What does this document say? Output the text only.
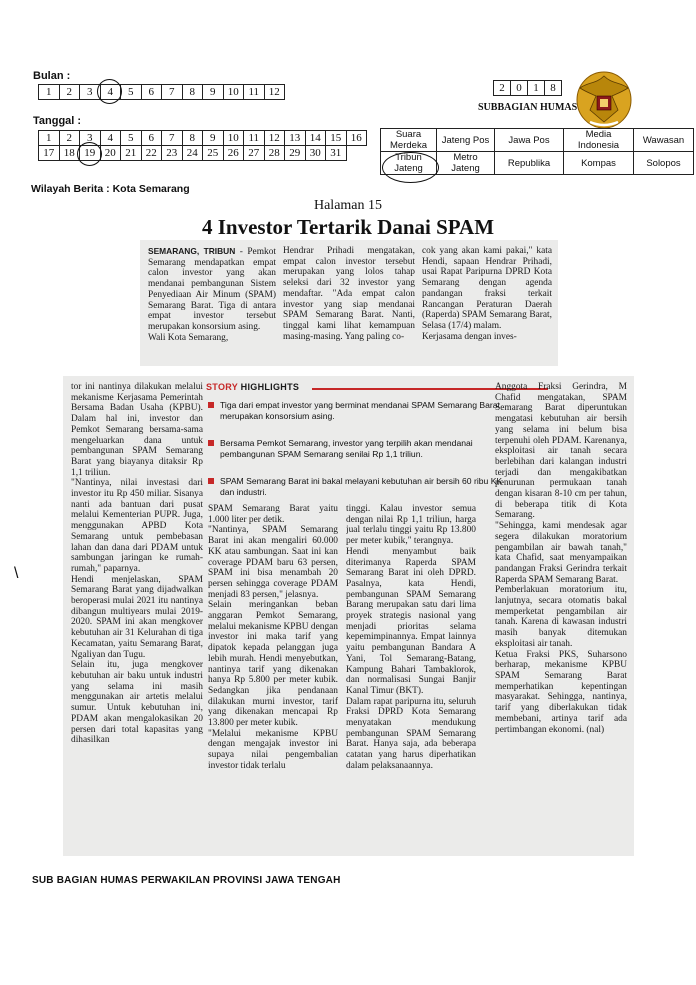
Bulan :
1	2	3	4	5	6	7	8	9	10	11	12
Tanggal :
1	2	3	4	5	6	7	8	9	10	11	12	13	14	15	16
17	18	19	20	21	22	23	24	25	26	27	28	29	30	31	
2	0	1	8
SUBBAGIAN HUMAS
Suara Merdeka	Jateng Pos	Jawa Pos	Media Indonesia	Wawasan
Tribun Jateng	Metro Jateng	Republika	Kompas	Solopos
Wilayah Berita : Kota Semarang
Halaman 15
4 Investor Tertarik Danai SPAM
SEMARANG, TRIBUN - Pemkot Semarang mendapatkan empat calon investor yang akan mendanai pembangunan Sistem Penyediaan Air Minum (SPAM) Semarang Barat. Tiga di antara empat investor tersebut merupakan konsorsium asing.
Wali Kota Semarang,
Hendrar Prihadi mengatakan, empat calon investor tersebut merupakan yang lolos tahap seleksi dari 32 investor yang mendaftar. "Ada empat calon investor yang siap mendanai SPAM Semarang Barat. Nanti, tinggal kami lihat kemampuan masing-masing. Yang paling co-
cok yang akan kami pakai," kata Hendi, sapaan Hendrar Prihadi, usai Rapat Paripurna DPRD Kota Semarang dengan agenda pandangan fraksi terkait Rancangan Peraturan Daerah (Raperda) SPAM Semarang Barat, Selasa (17/4) malam.
Kerjasama dengan inves-
tor ini nantinya dilakukan melalui mekanisme Kerjasama Pemerintah Bersama Badan Usaha (KPBU). Dalam hal ini, investor dan Pemkot Semarang bersama-sama mengeluarkan dana untuk pembangunan SPAM Semarang Barat yang biayanya ditaksir Rp 1,1 triliun.
"Nantinya, nilai investasi dari investor itu Rp 450 miliar. Sisanya nanti ada bantuan dari pusat melalui Kementerian PUPR. Juga, menggunakan APBD Kota Semarang untuk pembebasan lahan dan dana dari PDAM untuk sambungan jaringan ke rumah-rumah," paparnya.
Hendi menjelaskan, SPAM Semarang Barat yang dijadwalkan beroperasi mulai 2021 itu nantinya dibangun multiyears mulai 2019-2020. SPAM ini akan mengkover kebutuhan air 31 Kelurahan di tiga Kecamatan, yaitu Semarang Barat, Ngaliyan dan Tugu.
Selain itu, juga mengkover kebutuhan air baku untuk industri yang selama ini masih menggunakan air artetis melalui sumur. Untuk kebutuhan ini, PDAM akan mengalokasikan 20 persen dari total kapasitas yang dihasilkan
STORY HIGHLIGHTS
Tiga dari empat investor yang berminat mendanai SPAM Semarang Barat merupakan konsorsium asing.
Bersama Pemkot Semarang, investor yang terpilih akan mendanai pembangunan SPAM Semarang senilai Rp 1,1 triliun.
SPAM Semarang Barat ini bakal melayani kebutuhan air bersih 60 ribu KK dan industri.
SPAM Semarang Barat yaitu 1.000 liter per detik.
"Nantinya, SPAM Semarang Barat ini akan mengaliri 60.000 KK atau sambungan. Saat ini kan coverage PDAM baru 63 persen, SPAM ini bisa menambah 20 persen sehingga coverage PDAM menjadi 83 persen," jelasnya.
Selain meringankan beban anggaran Pemkot Semarang, melalui mekanisme KPBU dengan investor ini maka tarif yang dipatok kepada pelanggan juga lebih murah. Hendi menyebutkan, nantinya tarif yang dikenakan hanya Rp 5.800 per meter kubik. Sedangkan jika pendanaan dilakukan murni investor, tarif yang dikenakan mencapai Rp 13.800 per meter kubik.
"Melalui mekanisme KPBU dengan mengajak investor ini supaya nilai pengembalian investor tidak terlalu
tinggi. Kalau investor semua dengan nilai Rp 1,1 triliun, harga jual terlalu tinggi yaitu Rp 13.800 per meter kubik," terangnya.
Hendi menyambut baik diterimanya Raperda SPAM Semarang Barat ini oleh DPRD. Pasalnya, kata Hendi, pembangunan SPAM Semarang Barang merupakan satu dari lima proyek strategis nasional yang menjadi prioritas selama kepemimpinannya. Empat lainnya yaitu pembangunan Bandara A Yani, Tol Semarang-Batang, Kampung Bahari Tambaklorok, dan normalisasi Sungai Banjir Kanal Timur (BKT).
Dalam rapat paripurna itu, seluruh Fraksi DPRD Kota Semarang menyatakan mendukung pembangunan SPAM Semarang Barat. Hanya saja, ada beberapa catatan yang harus diperhatikan dalam pelaksanaannya.
Anggota Fraksi Gerindra, M Chafid mengatakan, SPAM Semarang Barat diperuntukan mengatasi kebutuhan air bersih yang selama ini belum bisa terpenuhi oleh PDAM. Karenanya, eksploitasi air tanah secara berlebihan dari kalangan industri terjadi dan mengakibatkan penurunan permukaan tanah dengan kisaran 8-10 cm per tahun, di beberapa titik di Kota Semarang.
"Sehingga, kami mendesak agar segera dilakukan moratorium pengambilan air bawah tanah," kata Chafid, saat menyampaikan pandangan Fraksi Gerindra terkait Raperda SPAM Semarang Barat.
Pemberlakuan moratorium itu, lanjutnya, secara otomatis bakal memperketat pengambilan air tanah. Karena di kawasan industri masih banyak ditemukan eksploitasi air tanah.
Ketua Fraksi PKS, Suharsono berharap, mekanisme KPBU SPAM Semarang Barat memperhatikan kepentingan masyarakat. Sehingga, nantinya, tarif yang diberlakukan tidak membebani, artinya tarif ada pertimbangan ekonomi. (nal)
\
SUB BAGIAN HUMAS PERWAKILAN PROVINSI JAWA TENGAH
